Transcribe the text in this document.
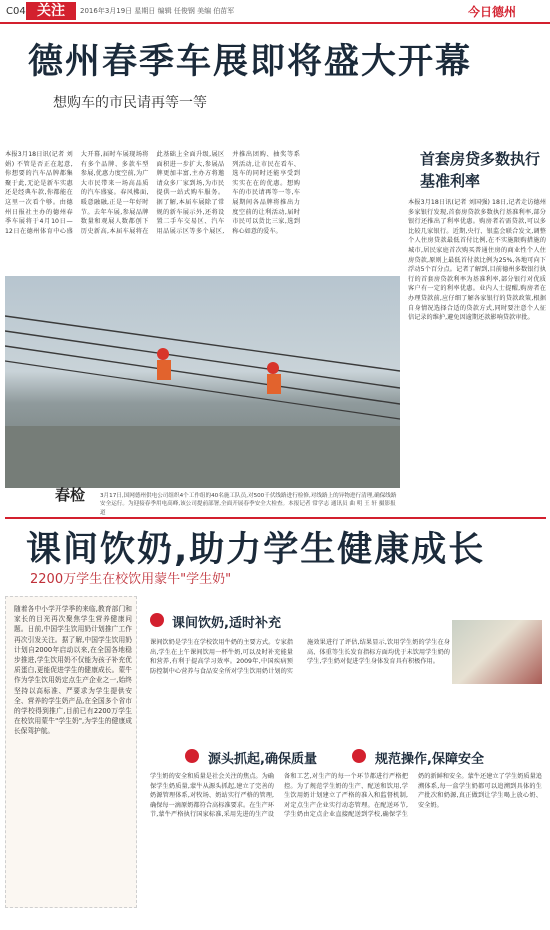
C04 关注	2016年3月19日 星期日 编辑 任俊钢 美编 伯苗军	今日德州
德州春季车展即将盛大开幕
想购车的市民请再等一等
本报3月18日讯(记者 刘 娟) 不管是否正在起意,你想要的汽车品牌都集聚于此,无论是新车实惠还是经典车款,你都能在这里一次看个够。由德州日报社主办的德州春季车展将于4月10日—12日在德州体育中心盛大开幕,届时车展现场将有多个品牌、多款车型参展,优惠力度空前,为广大市民带来一场高品质的汽车盛宴。春风拂面,暖意融融,正是一年好时节。去年车展,参展品牌数量和观展人数都创下历史新高,本届车展将在此基础上全面升级,展区面积进一步扩大,参展品牌更加丰富,主办方将邀请众多厂家到场,为市民提供一站式购车服务。据了解,本届车展除了常规的新车展示外,还将设置二手车交易区、汽车用品展示区等多个展区,并推出团购、抽奖等系列活动,让市民在看车、选车的同时还能享受到实实在在的优惠。想购车的市民请再等一等,车展期间各品牌将推出力度空前的让利活动,届时市民可以货比三家,选到称心如意的爱车。
首套房贷多数执行基准利率
本报3月18日讯(记者 刘国强) 18日,记者走访德州多家银行发现,首套房贷款多数执行基准利率,部分银行还推出了利率优惠。购房者若需贷款,可以多比较几家银行。近期,央行、银监会联合发文,调整个人住房贷款最低首付比例,在不实施限购措施的城市,居民家庭首次购买普通住房的商业性个人住房贷款,原则上最低首付款比例为25%,各地可向下浮动5个百分点。记者了解到,目前德州多数银行执行的首套房贷款利率为基准利率,部分银行对优质客户有一定的利率优惠。业内人士提醒,购房者在办理贷款前,应仔细了解各家银行的贷款政策,根据自身情况选择合适的贷款方式,同时要注意个人征信记录的维护,避免因逾期还款影响贷款审批。
春检	3月17日,国网德州供电公司组织4个工作组的40名施工队员,对500千伏线路进行检修,对线路上的异物进行清理,确保线路安全运行。为迎接春季用电高峰,该公司提前部署,全面开展春季安全大检查。本报记者 常学志 通讯员 曲 明 王 轩 摄影报道
课间饮奶,助力学生健康成长
2200万学生在校饮用蒙牛"学生奶"
随着各中小学开学季的来临,教育部门和家长的目光再次聚焦学生营养健康问题。日前,中国学生饮用奶计划推广工作再次引发关注。据了解,中国学生饮用奶计划自2000年启动以来,在全国各地稳步推进,学生饮用奶不仅能为孩子补充优质蛋白,更能促进学生的健康成长。蒙牛作为学生饮用奶定点生产企业之一,始终坚持以高标准、严要求为学生提供安全、营养的学生奶产品,在全国多个省市的学校得到推广,目前已有2200万学生在校饮用蒙牛"学生奶",为学生的健康成长保驾护航。
课间饮奶,适时补充
课间饮奶是学生在学校饮用牛奶的主要方式。专家指出,学生在上午课间饮用一杯牛奶,可以及时补充能量和营养,有利于提高学习效率。2009年,中国疾病预防控制中心营养与食品安全所对学生饮用奶计划的实施效果进行了评估,结果显示,饮用学生奶的学生在身高、体重等生长发育指标方面均优于未饮用学生奶的学生,学生奶对促进学生身体发育具有积极作用。
源头抓起,确保质量	规范操作,保障安全
学生奶的安全和质量是社会关注的焦点。为确保学生奶质量,蒙牛从源头抓起,建立了完善的奶源管理体系,对牧场、奶站实行严格的管理,确保每一滴原奶都符合高标准要求。在生产环节,蒙牛严格执行国家标准,采用先进的生产设备和工艺,对生产的每一个环节都进行严格把控。为了规范学生奶的生产、配送和饮用,学生饮用奶计划建立了严格的准入和监督机制,对定点生产企业实行动态管理。在配送环节,学生奶由定点企业直接配送到学校,确保学生奶的新鲜和安全。蒙牛还建立了学生奶质量追溯体系,每一盒学生奶都可以追溯到具体的生产批次和奶源,真正做到让学生喝上放心奶、安全奶。
